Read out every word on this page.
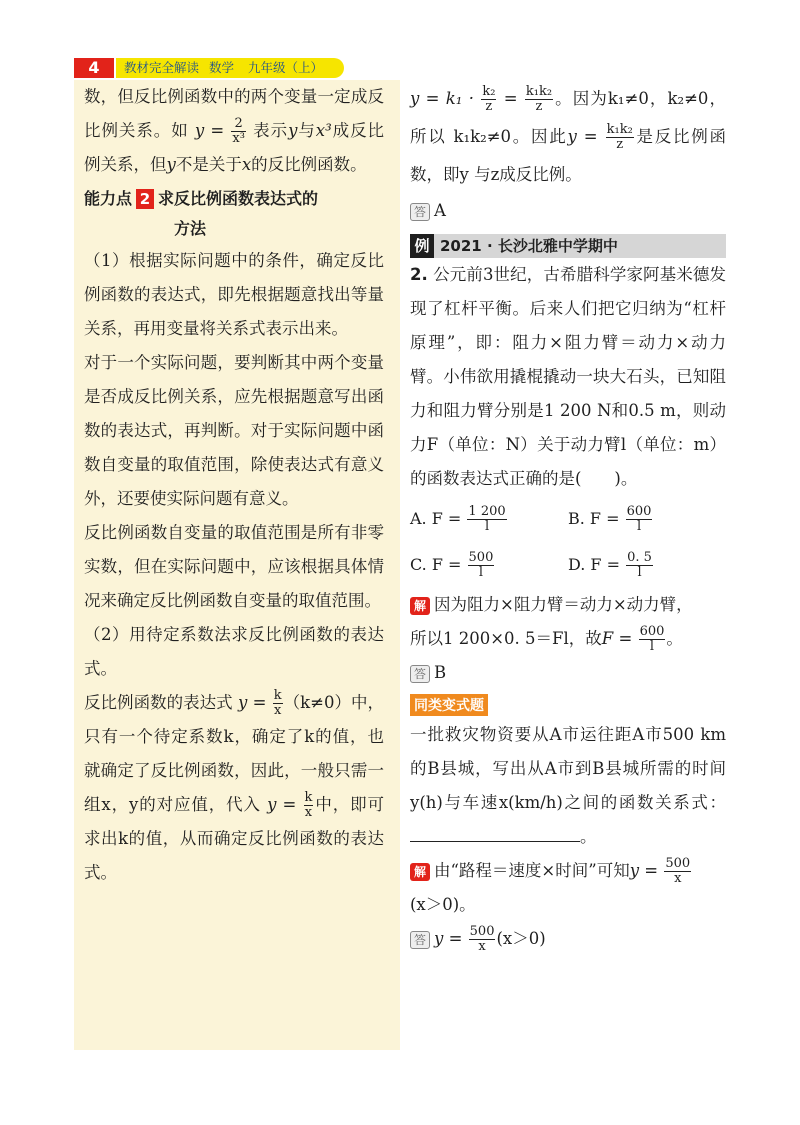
4	教材完全解读 数学 九年级（上）

数，但反比例函数中的两个变量一定成反比例关系。如 $y = \frac{2}{\text{x³}}$ 表示y与x³成反比例关系，但y不是关于x的反比例函数。

能力点 2 求反比例函数表达式的
方法

（1）根据实际问题中的条件，确定反比例函数的表达式，即先根据题意找出等量关系，再用变量将关系式表示出来。

对于一个实际问题，要判断其中两个变量是否成反比例关系，应先根据题意写出函数的表达式，再判断。对于实际问题中函数自变量的取值范围，除使表达式有意义外，还要使实际问题有意义。

反比例函数自变量的取值范围是所有非零实数，但在实际问题中，应该根据具体情况来确定反比例函数自变量的取值范围。

（2）用待定系数法求反比例函数的表达式。

反比例函数的表达式 $y = \frac{k}{x} (k\ne 0)$中，只有一个待定系数k，确定了k的值，也就确定了反比例函数，因此，一般只需一组x，y的对应值，代入 $y = \frac{k}{x}$ 中，即可求出k的值，从而确定反比例函数的表达式。

$y = k_1 \cdot \frac{\text{k₂}}{z} = \frac{\text{k₁k₂}}{z}$ 。因为k₁≠0，k₂≠0，所以 k₁k₂≠0。因此$y = \frac{\text{k₁k₂}}{z}$ 是反比例函数，即y 与z成反比例。

答 A

例 2021 · 长沙北雅中学期中

2. 公元前3世纪，古希腊科学家阿基米德发现了杠杆平衡。后来人们把它归纳为“杠杆原理”，即：阻力×阻力臂＝动力×动力臂。小伟欲用撬棍撬动一块大石头，已知阻力和阻力臂分别是1 200 N和0.5 m，则动力F（单位：N）关于动力臂l（单位：m）的函数表达式正确的是(　　)。

A. $F = \frac{1 200}{l}$	B. $F = \frac{600}{l}$
C. $F = \frac{500}{l}$	D. $F = \frac{0. 5}{l}$

解 因为阻力×阻力臂＝动力×动力臂，
所以1 200×0. 5＝Fl，故$F = \frac{600}{l}$ 。

答 B

同类变式题

一批救灾物资要从A市运往距A市500 km的B县城，写出从A市到B县城所需的时间y(h)与车速x(km/h)之间的函数关系式：。

解 由“路程＝速度×时间”可知$y = \frac{500}{x}$

(x＞0)。

答 $y = \frac{500}{x} (x>0)$
